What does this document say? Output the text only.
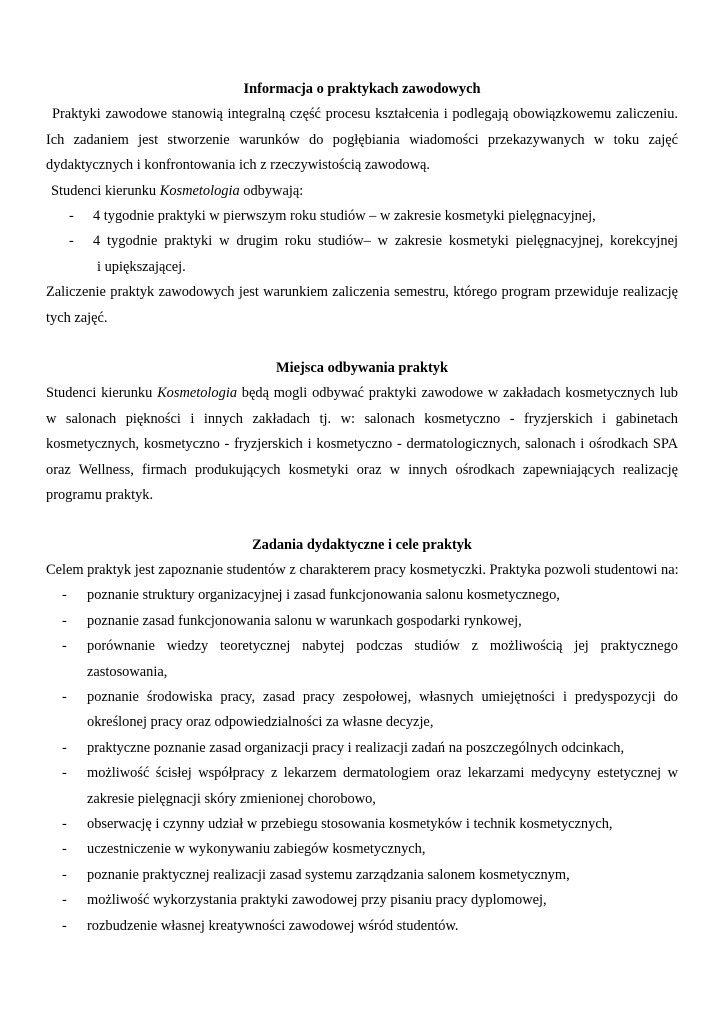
Informacja o praktykach zawodowych

Praktyki zawodowe stanowią integralną część procesu kształcenia i podlegają obowiązkowemu zaliczeniu.

Ich zadaniem jest stworzenie warunków do pogłębiania wiadomości przekazywanych w toku zajęć dydaktycznych i konfrontowania ich z rzeczywistością zawodową.

Studenci kierunku Kosmetologia odbywają:

- 4 tygodnie praktyki w pierwszym roku studiów – w zakresie kosmetyki pielęgnacyjnej,
- 4 tygodnie praktyki w drugim roku studiów– w zakresie kosmetyki pielęgnacyjnej, korekcyjnej
i upiększającej.

Zaliczenie praktyk zawodowych jest warunkiem zaliczenia semestru, którego program przewiduje realizację tych zajęć.

Miejsca odbywania praktyk

Studenci kierunku Kosmetologia będą mogli odbywać praktyki zawodowe w zakładach kosmetycznych lub w salonach piękności i innych zakładach tj. w: salonach kosmetyczno - fryzjerskich i gabinetach kosmetycznych, kosmetyczno - fryzjerskich i kosmetyczno - dermatologicznych, salonach i ośrodkach SPA oraz Wellness, firmach produkujących kosmetyki oraz w innych ośrodkach zapewniających realizację programu praktyk.

Zadania dydaktyczne i cele praktyk

Celem praktyk jest zapoznanie studentów z charakterem pracy kosmetyczki. Praktyka pozwoli studentowi na:

- poznanie struktury organizacyjnej i zasad funkcjonowania salonu kosmetycznego,
- poznanie zasad funkcjonowania salonu w warunkach gospodarki rynkowej,
- porównanie wiedzy teoretycznej nabytej podczas studiów z możliwością jej praktycznego zastosowania,
- poznanie środowiska pracy, zasad pracy zespołowej, własnych umiejętności i predyspozycji do określonej pracy oraz odpowiedzialności za własne decyzje,
- praktyczne poznanie zasad organizacji pracy i realizacji zadań na poszczególnych odcinkach,
- możliwość ścisłej współpracy z lekarzem dermatologiem oraz lekarzami medycyny estetycznej w zakresie pielęgnacji skóry zmienionej chorobowo,
- obserwację i czynny udział w przebiegu stosowania kosmetyków i technik kosmetycznych,
- uczestniczenie w wykonywaniu zabiegów kosmetycznych,
- poznanie praktycznej realizacji zasad systemu zarządzania salonem kosmetycznym,
- możliwość wykorzystania praktyki zawodowej przy pisaniu pracy dyplomowej,
- rozbudzenie własnej kreatywności zawodowej wśród studentów.
